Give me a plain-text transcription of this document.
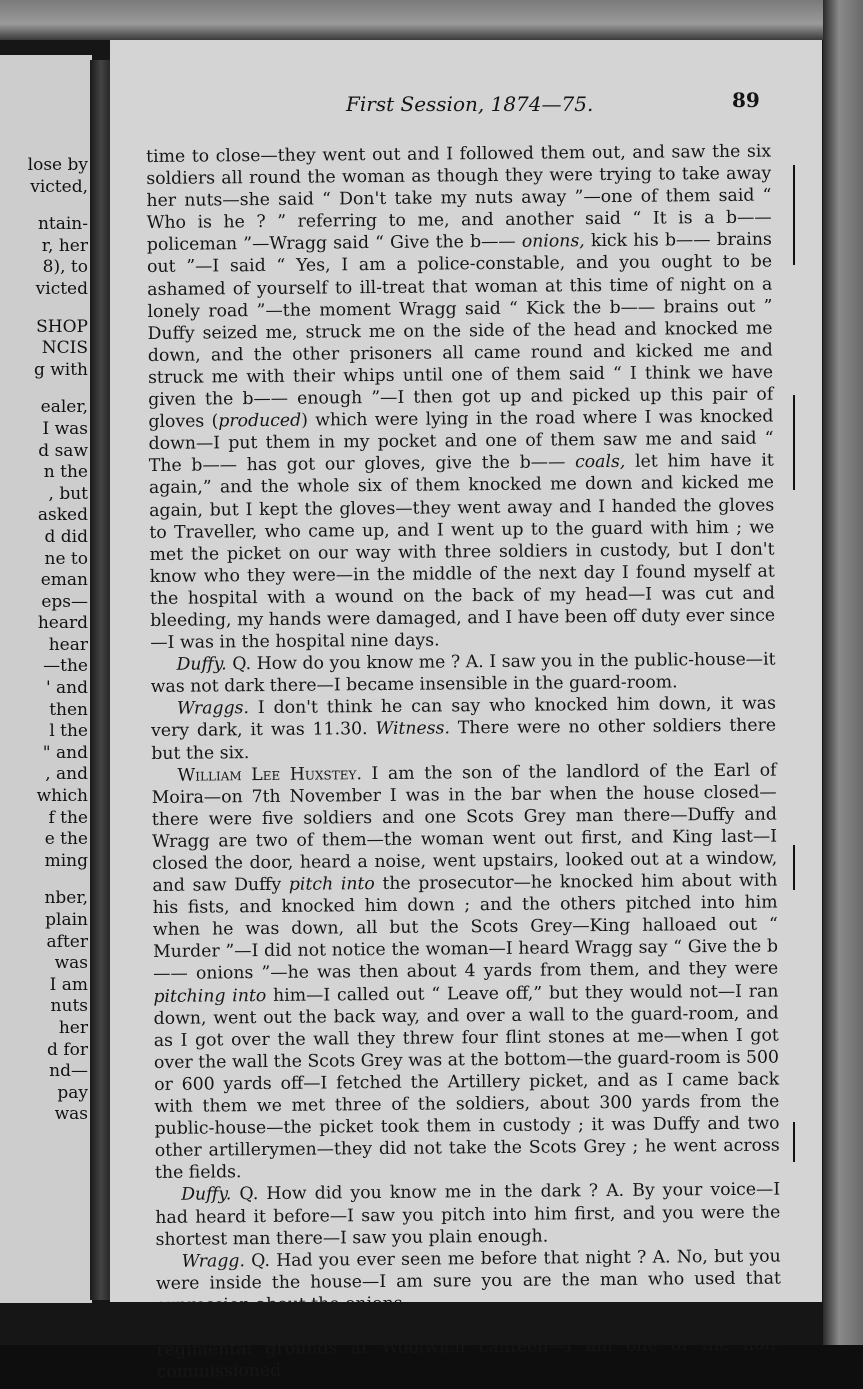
lose by
victed,
ntain-
r, her
8), to
victed
SHOP
NCIS
g with
ealer,
I was
d saw
n the
, but
asked
d did
ne to
eman
eps—
heard
hear
—the
' and
then
l the
" and
, and
which
f the
e the
ming
nber,
plain
after
was
I am
nuts
her
d for
nd—
pay
was
First Session, 1874—75.	89

time to close—they went out and I followed them out, and saw the six soldiers all round the woman as though they were trying to take away her nuts—she said “ Don't take my nuts away ”—one of them said “ Who is he ? ” referring to me, and another said “ It is a b—— policeman ”—Wragg said “ Give the b—— onions, kick his b—— brains out ”—I said “ Yes, I am a police-constable, and you ought to be ashamed of yourself to ill-treat that woman at this time of night on a lonely road ”—the moment Wragg said “ Kick the b—— brains out ” Duffy seized me, struck me on the side of the head and knocked me down, and the other prisoners all came round and kicked me and struck me with their whips until one of them said “ I think we have given the b—— enough ”—I then got up and picked up this pair of gloves (produced) which were lying in the road where I was knocked down—I put them in my pocket and one of them saw me and said “ The b—— has got our gloves, give the b—— coals, let him have it again,” and the whole six of them knocked me down and kicked me again, but I kept the gloves—they went away and I handed the gloves to Traveller, who came up, and I went up to the guard with him ; we met the picket on our way with three soldiers in custody, but I don't know who they were—in the middle of the next day I found myself at the hospital with a wound on the back of my head—I was cut and bleeding, my hands were damaged, and I have been off duty ever since—I was in the hospital nine days.

Duffy. Q. How do you know me ? A. I saw you in the public-house—it was not dark there—I became insensible in the guard-room.

Wraggs. I don't think he can say who knocked him down, it was very dark, it was 11.30. Witness. There were no other soldiers there but the six.

William Lee Huxstey. I am the son of the landlord of the Earl of Moira—on 7th November I was in the bar when the house closed—there were five soldiers and one Scots Grey man there—Duffy and Wragg are two of them—the woman went out first, and King last—I closed the door, heard a noise, went upstairs, looked out at a window, and saw Duffy pitch into the prosecutor—he knocked him about with his fists, and knocked him down ; and the others pitched into him when he was down, all but the Scots Grey—King halloaed out “ Murder ”—I did not notice the woman—I heard Wragg say “ Give the b—— onions ”—he was then about 4 yards from them, and they were pitching into him—I called out “ Leave off,” but they would not—I ran down, went out the back way, and over a wall to the guard-room, and as I got over the wall they threw four flint stones at me—when I got over the wall the Scots Grey was at the bottom—the guard-room is 500 or 600 yards off—I fetched the Artillery picket, and as I came back with them we met three of the soldiers, about 300 yards from the public-house—the picket took them in custody ; it was Duffy and two other artillerymen—they did not take the Scots Grey ; he went across the fields.

Duffy. Q. How did you know me in the dark ? A. By your voice—I had heard it before—I saw you pitch into him first, and you were the shortest man there—I saw you plain enough.

Wragg. Q. Had you ever seen me before that night ? A. No, but you were inside the house—I am sure you are the man who used that expression about the onions.

Henry Craufurd. I am a bombardier—on 7th November I was at the regimental grounds at Woolwich canteen—I am one of the non-commissioned
